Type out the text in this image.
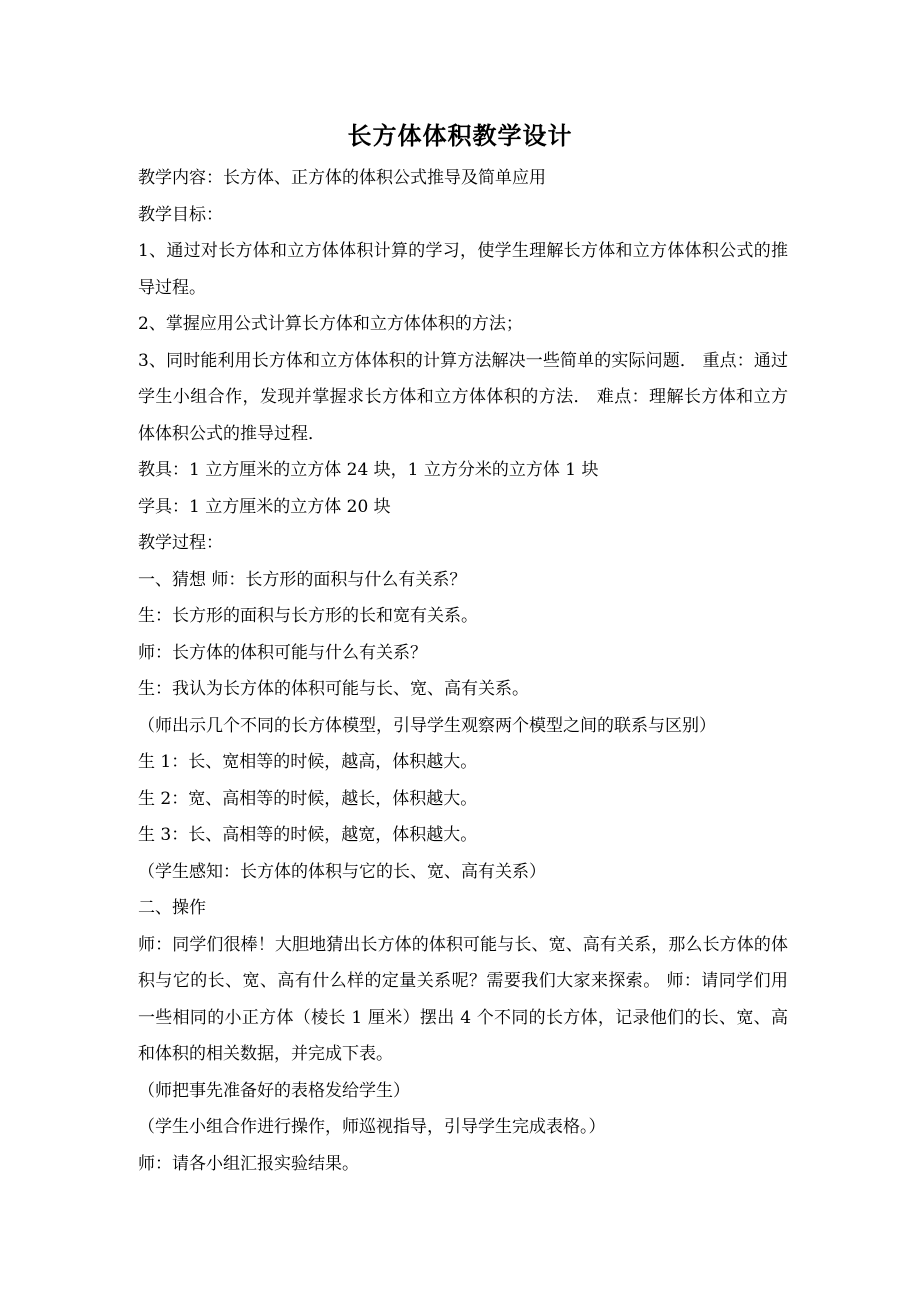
长方体体积教学设计

教学内容：长方体、正方体的体积公式推导及简单应用

教学目标：

1、通过对长方体和立方体体积计算的学习，使学生理解长方体和立方体体积公式的推导过程。

2、掌握应用公式计算长方体和立方体体积的方法；

3、同时能利用长方体和立方体体积的计算方法解决一些简单的实际问题． 重点：通过学生小组合作，发现并掌握求长方体和立方体体积的方法． 难点：理解长方体和立方体体积公式的推导过程．

教具：1 立方厘米的立方体 24 块，1 立方分米的立方体 1 块

学具：1 立方厘米的立方体 20 块

教学过程：

一、猜想 师：长方形的面积与什么有关系？

生：长方形的面积与长方形的长和宽有关系。

师：长方体的体积可能与什么有关系？

生：我认为长方体的体积可能与长、宽、高有关系。

（师出示几个不同的长方体模型，引导学生观察两个模型之间的联系与区别）

生 1：长、宽相等的时候，越高，体积越大。

生 2：宽、高相等的时候，越长，体积越大。

生 3：长、高相等的时候，越宽，体积越大。

（学生感知：长方体的体积与它的长、宽、高有关系）

二、操作

师：同学们很棒！大胆地猜出长方体的体积可能与长、宽、高有关系，那么长方体的体积与它的长、宽、高有什么样的定量关系呢？需要我们大家来探索。 师：请同学们用一些相同的小正方体（棱长 1 厘米）摆出 4 个不同的长方体，记录他们的长、宽、高和体积的相关数据，并完成下表。

（师把事先准备好的表格发给学生）

（学生小组合作进行操作，师巡视指导，引导学生完成表格。）

师：请各小组汇报实验结果。
